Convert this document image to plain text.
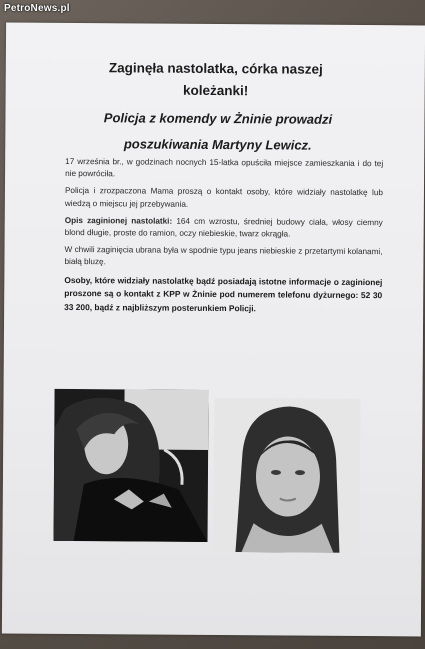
PetroNews.pl
Zaginęła nastolatka, córka naszej
koleżanki!
Policja z komendy w Żninie prowadzi
poszukiwania Martyny Lewicz.

17 września br., w godzinach nocnych 15-latka opuściła miejsce zamieszkania i do tej nie powróciła.

Policja i zrozpaczona Mama proszą o kontakt osoby, które widziały nastolatkę lub wiedzą o miejscu jej przebywania.

Opis zaginionej nastolatki: 164 cm wzrostu, średniej budowy ciała, włosy ciemny blond długie, proste do ramion, oczy niebieskie, twarz okrągła.

W chwili zaginięcia ubrana była w spodnie typu jeans niebieskie z przetartymi kolanami, białą bluzę.

Osoby, które widziały nastolatkę bądź posiadają istotne informacje o zaginionej proszone są o kontakt z KPP w Żninie pod numerem telefonu dyżurnego: 52 30 33 200, bądź z najbliższym posterunkiem Policji.
